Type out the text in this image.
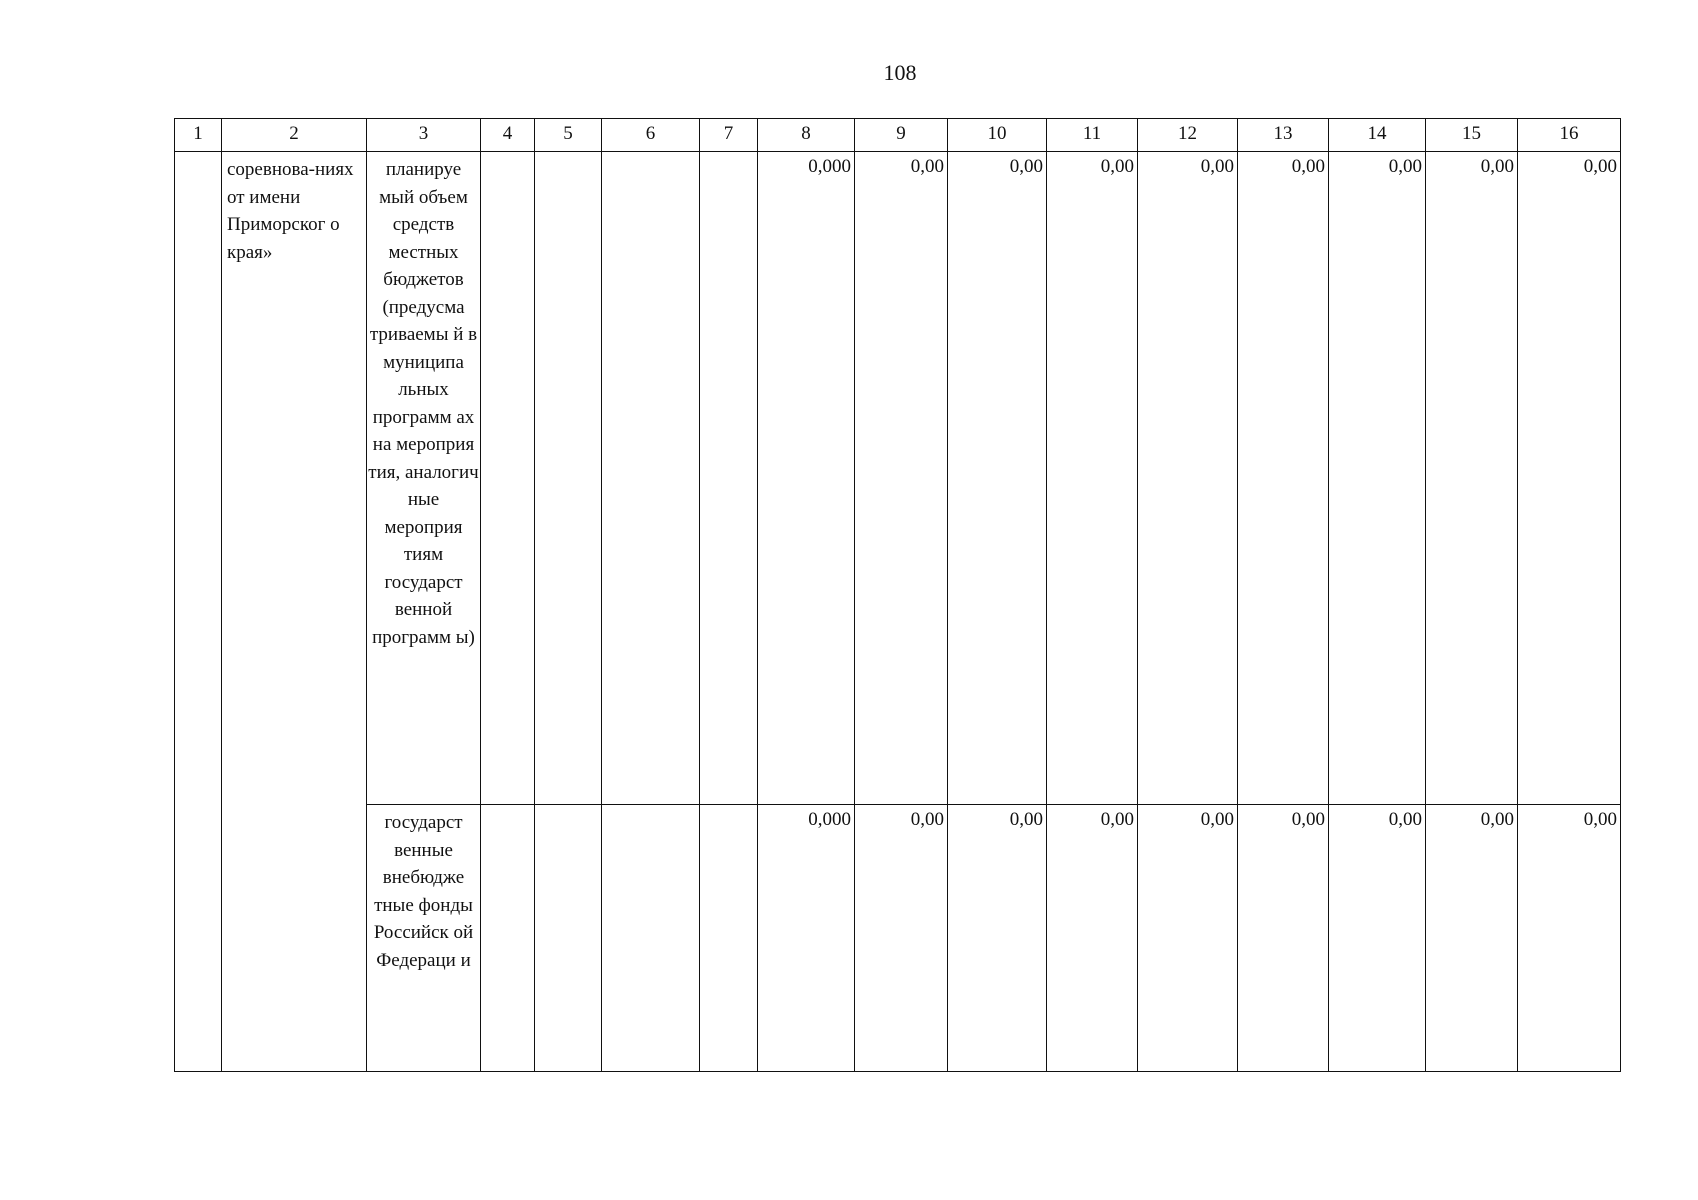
108
1	2	3	4	5	6	7	8	9	10	11	12	13	14	15	16
	соревнова-ниях от имени Приморског о края»	планируе мый объем средств местных бюджетов (предусма триваемы й в муниципа льных программ ах на мероприя тия, аналогич ные мероприя тиям государст венной программ ы)					0,000	0,00	0,00	0,00	0,00	0,00	0,00	0,00	0,00
		государст венные внебюдже тные фонды Российск ой Федераци и					0,000	0,00	0,00	0,00	0,00	0,00	0,00	0,00	0,00
